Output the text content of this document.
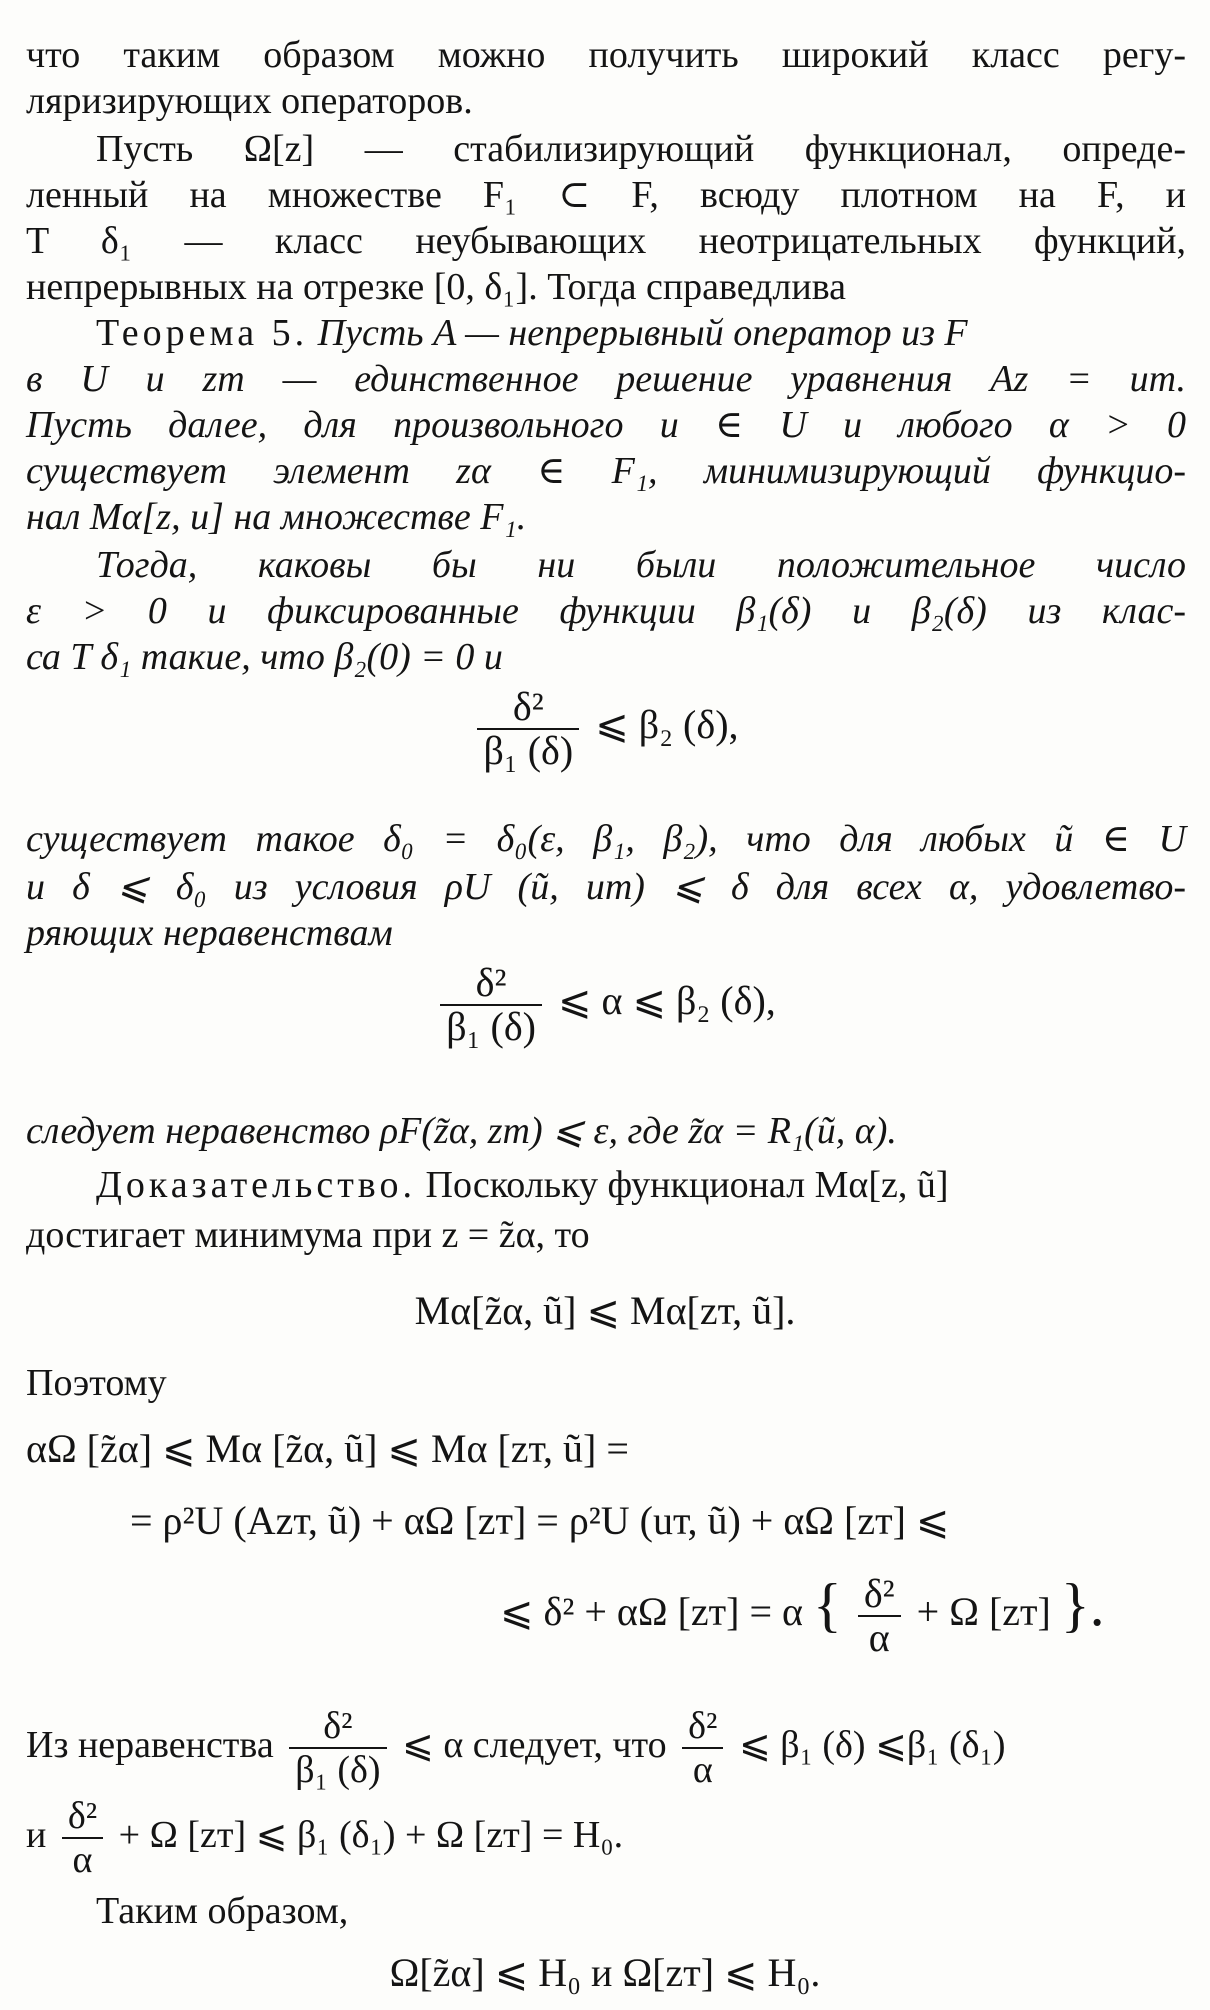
что таким образом можно получить широкий класс регу-
ляризирующих операторов.
Пусть Ω[z] — стабилизирующий функционал, опреде-
ленный на множестве F₁ ⊂ F, всюду плотном на F, и
T δ₁ — класс неубывающих неотрицательных функций,
непрерывных на отрезке [0, δ₁]. Тогда справедлива
Теорема 5. Пусть A — непрерывный оператор из F
в U и zт — единственное решение уравнения Az = uт.
Пусть далее, для произвольного u ∈ U и любого α > 0
существует элемент zα ∈ F₁, минимизирующий функцио-
нал Mα[z, u] на множестве F₁.
Тогда, каковы бы ни были положительное число
ε > 0 и фиксированные функции β₁(δ) и β₂(δ) из клас-
са T δ₁ такие, что β₂(0) = 0 и
$\frac{\text{δ²}}{\text{β₁ (δ)}}$ ⩽ β₂ (δ),
существует такое δ₀ = δ₀(ε, β₁, β₂), что для любых ũ ∈ U
и δ ⩽ δ₀ из условия ρU (ũ, uт) ⩽ δ для всех α, удовлетво-
ряющих неравенствам
$\frac{\text{δ²}}{\text{β₁ (δ)}}$ ⩽ α ⩽ β₂ (δ),
следует неравенство ρF(z̃α, zт) ⩽ ε, где z̃α = R₁(ũ, α).
Доказательство. Поскольку функционал Mα[z, ũ]
достигает минимума при z = z̃α, то
Mα[z̃α, ũ] ⩽ Mα[zт, ũ].
Поэтому
αΩ [z̃α] ⩽ Mα [z̃α, ũ] ⩽ Mα [zт, ũ] =
= ρ²U (Azт, ũ) + αΩ [zт] = ρ²U (uт, ũ) + αΩ [zт] ⩽
⩽ δ² + αΩ [zт] = α { $\frac{\text{δ²}}{\alpha} + \Omega$ [zт] }.
Из неравенства $\frac{\text{δ²}}{\text{β₁ (δ)}}$ ⩽ α следует, что $\frac{\text{δ²}}{\alpha}$ ⩽ β₁ (δ) ⩽β₁ (δ₁)
и $\frac{\text{δ²}}{\alpha} + \Omega$ [zт] ⩽ β₁ (δ₁) + Ω [zт] = H₀.
Таким образом,
Ω[z̃α] ⩽ H₀ и Ω[zт] ⩽ H₀.
